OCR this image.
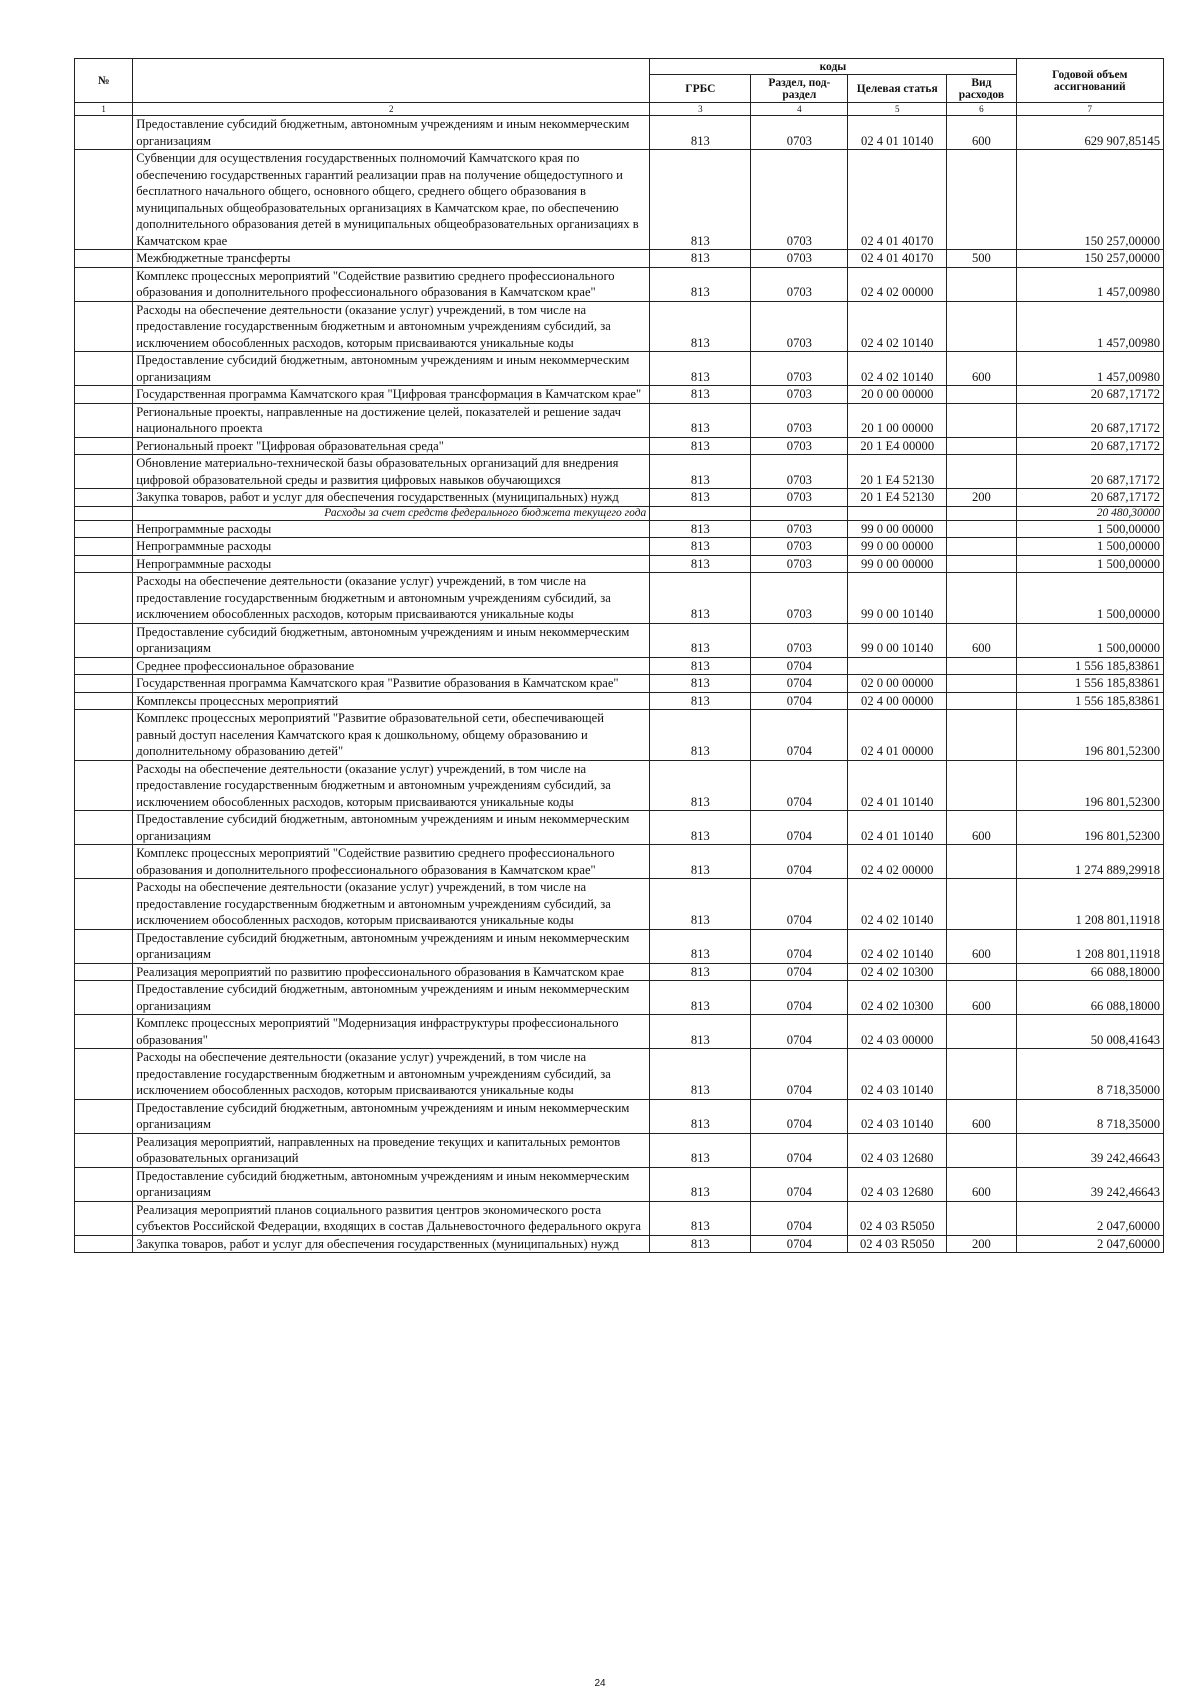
№		коды				Годовой объем ассигнований
		ГРБС	Раздел, под-раздел	Целевая статья	Вид расходов	
1	2	3	4	5	6	7
	Предоставление субсидий бюджетным, автономным учреждениям и иным некоммерческим организациям	813	0703	02 4 01 10140	600	629 907,85145
	Субвенции для осуществления государственных полномочий Камчатского края по обеспечению государственных гарантий реализации прав на получение общедоступного и бесплатного начального общего, основного общего, среднего общего образования в муниципальных общеобразовательных организациях в Камчатском крае, по обеспечению дополнительного образования детей в муниципальных общеобразовательных организациях в Камчатском крае	813	0703	02 4 01 40170		150 257,00000
	Межбюджетные трансферты	813	0703	02 4 01 40170	500	150 257,00000
	Комплекс процессных мероприятий "Содействие развитию среднего профессионального образования и дополнительного профессионального образования в Камчатском крае"	813	0703	02 4 02 00000		1 457,00980
	Расходы на обеспечение деятельности (оказание услуг) учреждений, в том числе на предоставление государственным бюджетным и автономным учреждениям субсидий, за исключением обособленных расходов, которым присваиваются уникальные коды	813	0703	02 4 02 10140		1 457,00980
	Предоставление субсидий бюджетным, автономным учреждениям и иным некоммерческим организациям	813	0703	02 4 02 10140	600	1 457,00980
	Государственная программа Камчатского края "Цифровая трансформация в Камчатском крае"	813	0703	20 0 00 00000		20 687,17172
	Региональные проекты, направленные на достижение целей, показателей и решение задач национального проекта	813	0703	20 1 00 00000		20 687,17172
	Региональный проект "Цифровая образовательная среда"	813	0703	20 1 E4 00000		20 687,17172
	Обновление материально-технической базы образовательных организаций для внедрения цифровой образовательной среды и развития цифровых навыков обучающихся	813	0703	20 1 E4 52130		20 687,17172
	Закупка товаров, работ и услуг для обеспечения государственных (муниципальных) нужд	813	0703	20 1 E4 52130	200	20 687,17172
	Расходы за счет средств федерального бюджета текущего года					20 480,30000
	Непрограммные расходы	813	0703	99 0 00 00000		1 500,00000
	Непрограммные расходы	813	0703	99 0 00 00000		1 500,00000
	Непрограммные расходы	813	0703	99 0 00 00000		1 500,00000
	Расходы на обеспечение деятельности (оказание услуг) учреждений, в том числе на предоставление государственным бюджетным и автономным учреждениям субсидий, за исключением обособленных расходов, которым присваиваются уникальные коды	813	0703	99 0 00 10140		1 500,00000
	Предоставление субсидий бюджетным, автономным учреждениям и иным некоммерческим организациям	813	0703	99 0 00 10140	600	1 500,00000
	Среднее профессиональное образование	813	0704			1 556 185,83861
	Государственная программа Камчатского края "Развитие образования в Камчатском крае"	813	0704	02 0 00 00000		1 556 185,83861
	Комплексы процессных мероприятий	813	0704	02 4 00 00000		1 556 185,83861
	Комплекс процессных мероприятий "Развитие образовательной сети, обеспечивающей равный доступ населения Камчатского края к дошкольному, общему образованию и дополнительному образованию детей"	813	0704	02 4 01 00000		196 801,52300
	Расходы на обеспечение деятельности (оказание услуг) учреждений, в том числе на предоставление государственным бюджетным и автономным учреждениям субсидий, за исключением обособленных расходов, которым присваиваются уникальные коды	813	0704	02 4 01 10140		196 801,52300
	Предоставление субсидий бюджетным, автономным учреждениям и иным некоммерческим организациям	813	0704	02 4 01 10140	600	196 801,52300
	Комплекс процессных мероприятий "Содействие развитию среднего профессионального образования и дополнительного профессионального образования в Камчатском крае"	813	0704	02 4 02 00000		1 274 889,29918
	Расходы на обеспечение деятельности (оказание услуг) учреждений, в том числе на предоставление государственным бюджетным и автономным учреждениям субсидий, за исключением обособленных расходов, которым присваиваются уникальные коды	813	0704	02 4 02 10140		1 208 801,11918
	Предоставление субсидий бюджетным, автономным учреждениям и иным некоммерческим организациям	813	0704	02 4 02 10140	600	1 208 801,11918
	Реализация мероприятий по развитию профессионального образования в Камчатском крае	813	0704	02 4 02 10300		66 088,18000
	Предоставление субсидий бюджетным, автономным учреждениям и иным некоммерческим организациям	813	0704	02 4 02 10300	600	66 088,18000
	Комплекс процессных мероприятий "Модернизация инфраструктуры профессионального образования"	813	0704	02 4 03 00000		50 008,41643
	Расходы на обеспечение деятельности (оказание услуг) учреждений, в том числе на предоставление государственным бюджетным и автономным учреждениям субсидий, за исключением обособленных расходов, которым присваиваются уникальные коды	813	0704	02 4 03 10140		8 718,35000
	Предоставление субсидий бюджетным, автономным учреждениям и иным некоммерческим организациям	813	0704	02 4 03 10140	600	8 718,35000
	Реализация мероприятий, направленных на проведение текущих и капитальных ремонтов образовательных организаций	813	0704	02 4 03 12680		39 242,46643
	Предоставление субсидий бюджетным, автономным учреждениям и иным некоммерческим организациям	813	0704	02 4 03 12680	600	39 242,46643
	Реализация мероприятий планов социального развития центров экономического роста субъектов Российской Федерации, входящих в состав Дальневосточного федерального округа	813	0704	02 4 03 R5050		2 047,60000
	Закупка товаров, работ и услуг для обеспечения государственных (муниципальных) нужд	813	0704	02 4 03 R5050	200	2 047,60000
24
